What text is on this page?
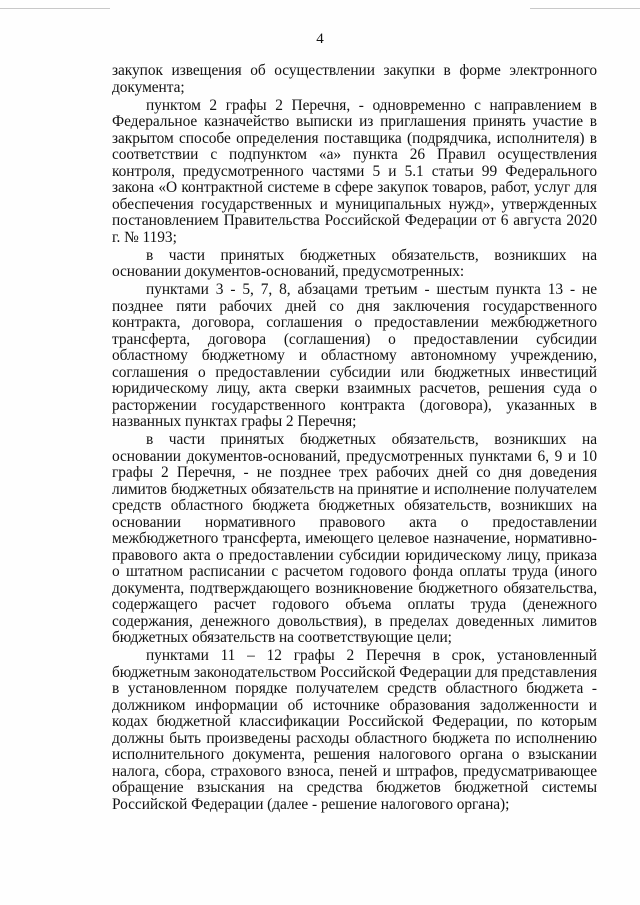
4

закупок извещения об осуществлении закупки в форме электронного документа;

пунктом 2 графы 2 Перечня, - одновременно с направлением в Федеральное казначейство выписки из приглашения принять участие в закрытом способе определения поставщика (подрядчика, исполнителя) в соответствии с подпунктом «а» пункта 26 Правил осуществления контроля, предусмотренного частями 5 и 5.1 статьи 99 Федерального закона «О контрактной системе в сфере закупок товаров, работ, услуг для обеспечения государственных и муниципальных нужд», утвержденных постановлением Правительства Российской Федерации от 6 августа 2020 г. № 1193;

в части принятых бюджетных обязательств, возникших на основании документов-оснований, предусмотренных:

пунктами 3 - 5, 7, 8, абзацами третьим - шестым пункта 13 - не позднее пяти рабочих дней со дня заключения государственного контракта, договора, соглашения о предоставлении межбюджетного трансферта, договора (соглашения) о предоставлении субсидии областному бюджетному и областному автономному учреждению, соглашения о предоставлении субсидии или бюджетных инвестиций юридическому лицу, акта сверки взаимных расчетов, решения суда о расторжении государственного контракта (договора), указанных в названных пунктах графы 2 Перечня;

в части принятых бюджетных обязательств, возникших на основании документов-оснований, предусмотренных пунктами 6, 9 и 10 графы 2 Перечня, - не позднее трех рабочих дней со дня доведения лимитов бюджетных обязательств на принятие и исполнение получателем средств областного бюджета бюджетных обязательств, возникших на основании нормативного правового акта о предоставлении межбюджетного трансферта, имеющего целевое назначение, нормативно-правового акта о предоставлении субсидии юридическому лицу, приказа о штатном расписании с расчетом годового фонда оплаты труда (иного документа, подтверждающего возникновение бюджетного обязательства, содержащего расчет годового объема оплаты труда (денежного содержания, денежного довольствия), в пределах доведенных лимитов бюджетных обязательств на соответствующие цели;

пунктами 11 – 12 графы 2 Перечня в срок, установленный бюджетным законодательством Российской Федерации для представления в установленном порядке получателем средств областного бюджета - должником информации об источнике образования задолженности и кодах бюджетной классификации Российской Федерации, по которым должны быть произведены расходы областного бюджета по исполнению исполнительного документа, решения налогового органа о взыскании налога, сбора, страхового взноса, пеней и штрафов, предусматривающее обращение взыскания на средства бюджетов бюджетной системы Российской Федерации (далее - решение налогового органа);
